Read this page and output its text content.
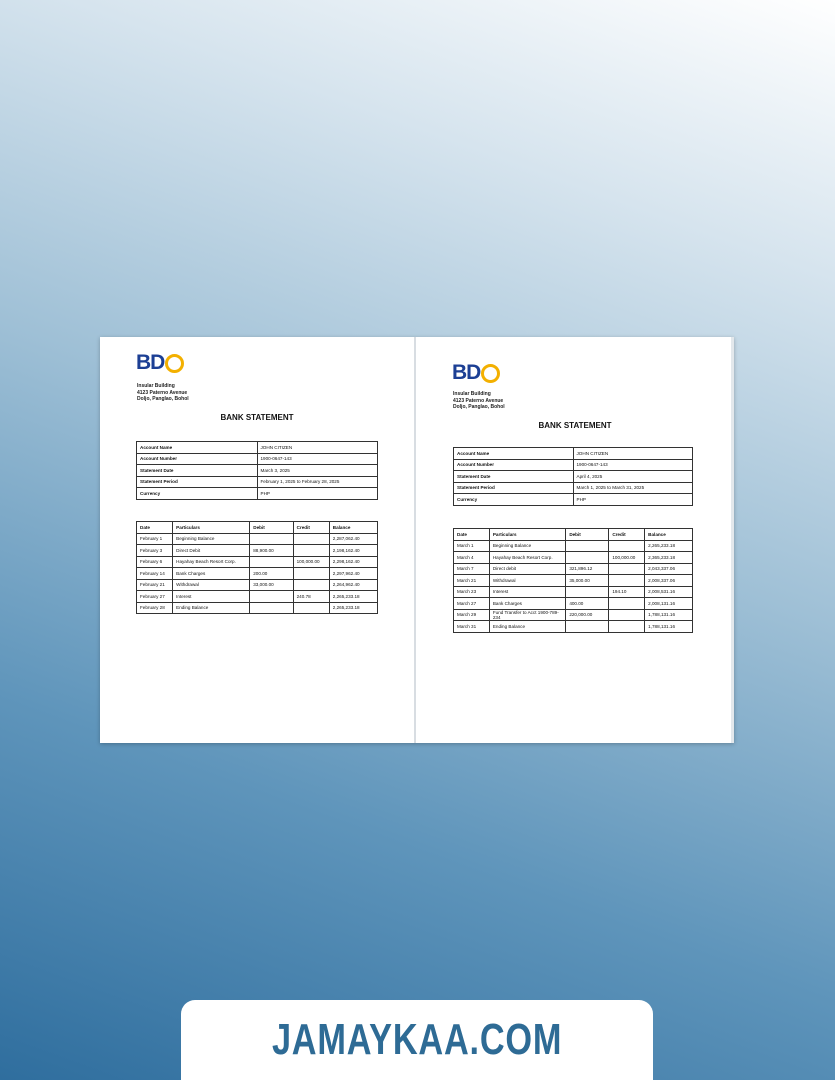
BD
Insular Building
4123 Paterno Avenue
Doljo, Panglao, Bohol
BANK STATEMENT
Account Name	JOHN CITIZEN
Account Number	1900-0647-143
Statement Date	March 3, 2025
Statement Period	February 1, 2025 to February 28, 2025
Currency	PHP
Date	Particulars	Debit	Credit	Balance
February 1	Beginning Balance			2,287,062.40
February 3	Direct Debit	88,900.00		2,198,162.40
February 6	Hayahay Beach Resort Corp.		100,000.00	2,298,162.40
February 14	Bank Charges	200.00		2,297,962.40
February 21	Withdrawal	33,000.00		2,264,962.40
February 27	Interest		240.78	2,265,233.18
February 28	Ending Balance			2,265,233.18
BD
Insular Building
4123 Paterno Avenue
Doljo, Panglao, Bohol
BANK STATEMENT
Account Name	JOHN CITIZEN
Account Number	1900-0647-143
Statement Date	April 4, 2025
Statement Period	March 1, 2025 to March 31, 2025
Currency	PHP
Date	Particulars	Debit	Credit	Balance
March 1	Beginning Balance			2,265,233.18
March 4	Hayahay Beach Resort Corp.		100,000.00	2,365,233.18
March 7	Direct debit	321,896.12		2,043,337.06
March 21	Withdrawal	35,000.00		2,008,337.06
March 23	Interest		194.10	2,008,531.16
March 27	Bank Charges	400.00		2,008,131.16
March 29	Fund Transfer to Acct 1900-789-234	220,000.00		1,788,131.16
March 31	Ending Balance			1,788,131.16
JAMAYKAA.COM
